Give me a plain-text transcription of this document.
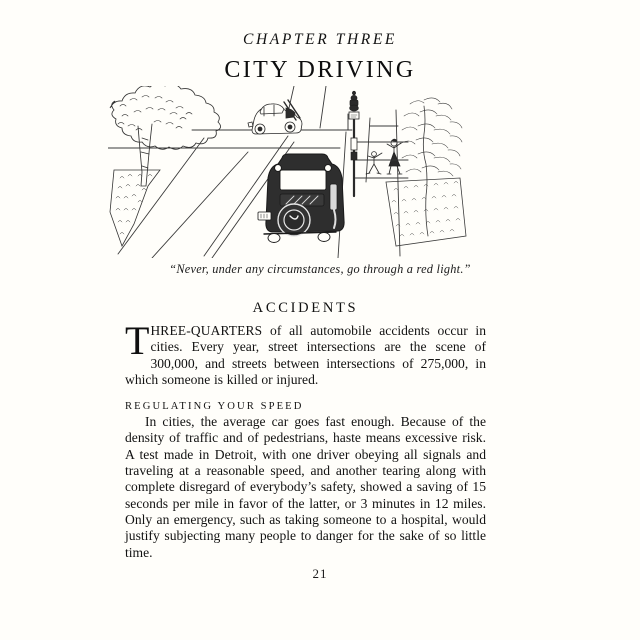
CHAPTER THREE
CITY DRIVING
“Never, under any circumstances, go through a red light.”
ACCIDENTS

THREE-QUARTERS of all automobile accidents occur in cities. Every year, street intersections are the scene of 300,000, and streets between intersections of 275,000, in which someone is killed or injured.

REGULATING YOUR SPEED

In cities, the average car goes fast enough. Because of the density of traffic and of pedestrians, haste means excessive risk. A test made in Detroit, with one driver obeying all signals and traveling at a reasonable speed, and another tearing along with complete disregard of everybody’s safety, showed a saving of 15 seconds per mile in favor of the latter, or 3 minutes in 12 miles. Only an emergency, such as taking someone to a hospital, would justify subjecting many people to danger for the sake of so little time.

21
